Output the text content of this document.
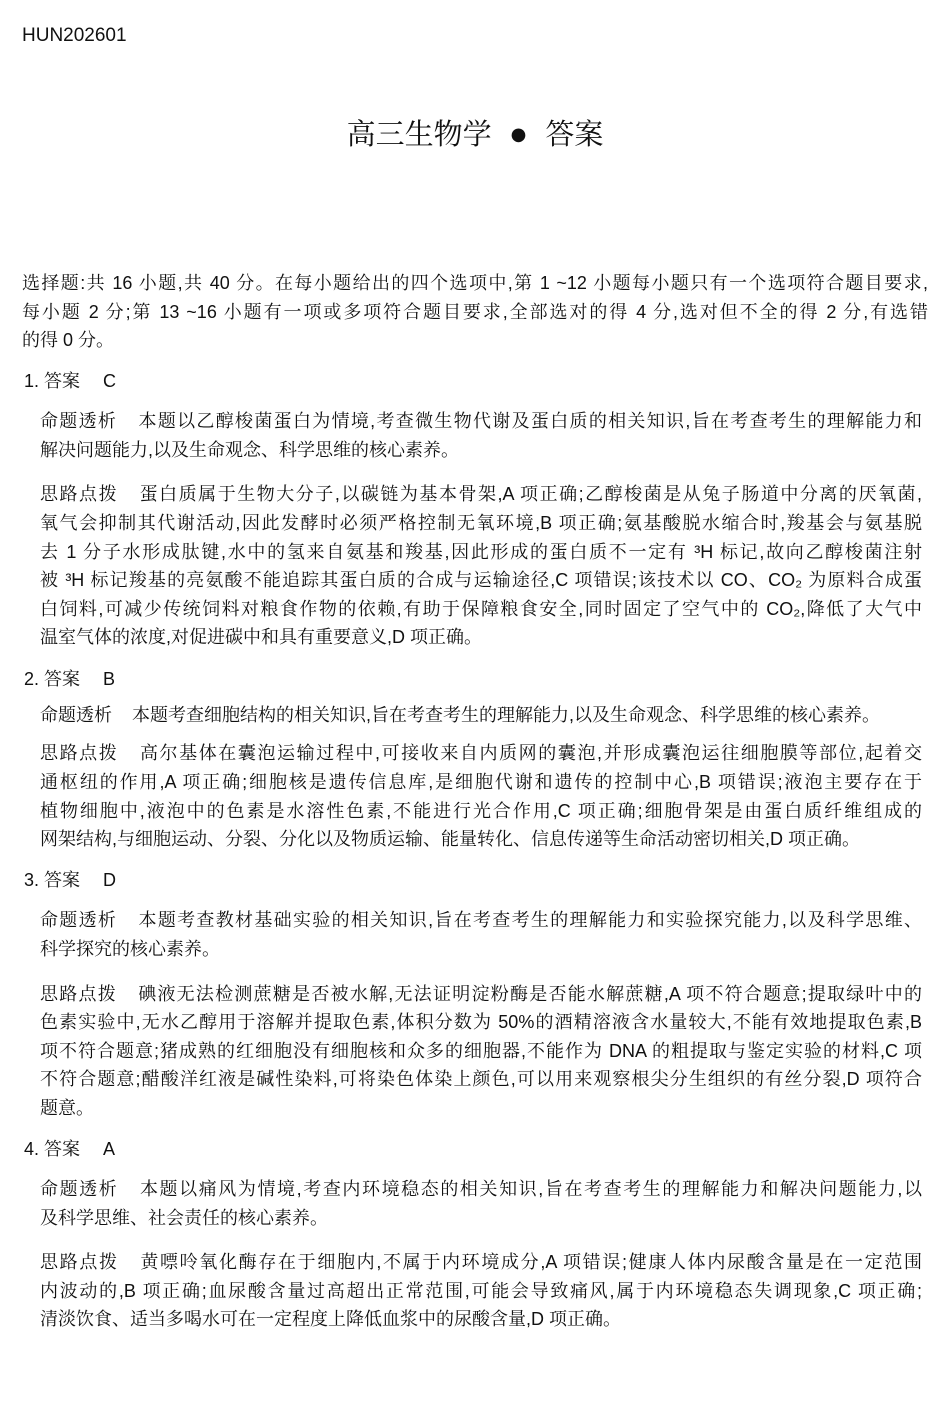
HUN202601
高三生物学 ● 答案
选择题:共 16 小题,共 40 分。在每小题给出的四个选项中,第 1 ~12 小题每小题只有一个选项符合题目要求,
每小题 2 分;第 13 ~16 小题有一项或多项符合题目要求,全部选对的得 4 分,选对但不全的得 2 分,有选错
的得 0 分。
1. 答案 C
命题透析 本题以乙醇梭菌蛋白为情境,考查微生物代谢及蛋白质的相关知识,旨在考查考生的理解能力和
解决问题能力,以及生命观念、科学思维的核心素养。
思路点拨 蛋白质属于生物大分子,以碳链为基本骨架,A 项正确;乙醇梭菌是从兔子肠道中分离的厌氧菌,
氧气会抑制其代谢活动,因此发酵时必须严格控制无氧环境,B 项正确;氨基酸脱水缩合时,羧基会与氨基脱
去 1 分子水形成肽键,水中的氢来自氨基和羧基,因此形成的蛋白质不一定有 ³H 标记,故向乙醇梭菌注射
被 ³H 标记羧基的亮氨酸不能追踪其蛋白质的合成与运输途径,C 项错误;该技术以 CO、CO₂ 为原料合成蛋
白饲料,可减少传统饲料对粮食作物的依赖,有助于保障粮食安全,同时固定了空气中的 CO₂,降低了大气中
温室气体的浓度,对促进碳中和具有重要意义,D 项正确。
2. 答案 B
命题透析 本题考查细胞结构的相关知识,旨在考查考生的理解能力,以及生命观念、科学思维的核心素养。
思路点拨 高尔基体在囊泡运输过程中,可接收来自内质网的囊泡,并形成囊泡运往细胞膜等部位,起着交
通枢纽的作用,A 项正确;细胞核是遗传信息库,是细胞代谢和遗传的控制中心,B 项错误;液泡主要存在于
植物细胞中,液泡中的色素是水溶性色素,不能进行光合作用,C 项正确;细胞骨架是由蛋白质纤维组成的
网架结构,与细胞运动、分裂、分化以及物质运输、能量转化、信息传递等生命活动密切相关,D 项正确。
3. 答案 D
命题透析 本题考查教材基础实验的相关知识,旨在考查考生的理解能力和实验探究能力,以及科学思维、
科学探究的核心素养。
思路点拨 碘液无法检测蔗糖是否被水解,无法证明淀粉酶是否能水解蔗糖,A 项不符合题意;提取绿叶中的
色素实验中,无水乙醇用于溶解并提取色素,体积分数为 50%的酒精溶液含水量较大,不能有效地提取色素,B
项不符合题意;猪成熟的红细胞没有细胞核和众多的细胞器,不能作为 DNA 的粗提取与鉴定实验的材料,C 项
不符合题意;醋酸洋红液是碱性染料,可将染色体染上颜色,可以用来观察根尖分生组织的有丝分裂,D 项符合
题意。
4. 答案 A
命题透析 本题以痛风为情境,考查内环境稳态的相关知识,旨在考查考生的理解能力和解决问题能力,以
及科学思维、社会责任的核心素养。
思路点拨 黄嘌呤氧化酶存在于细胞内,不属于内环境成分,A 项错误;健康人体内尿酸含量是在一定范围
内波动的,B 项正确;血尿酸含量过高超出正常范围,可能会导致痛风,属于内环境稳态失调现象,C 项正确;
清淡饮食、适当多喝水可在一定程度上降低血浆中的尿酸含量,D 项正确。
